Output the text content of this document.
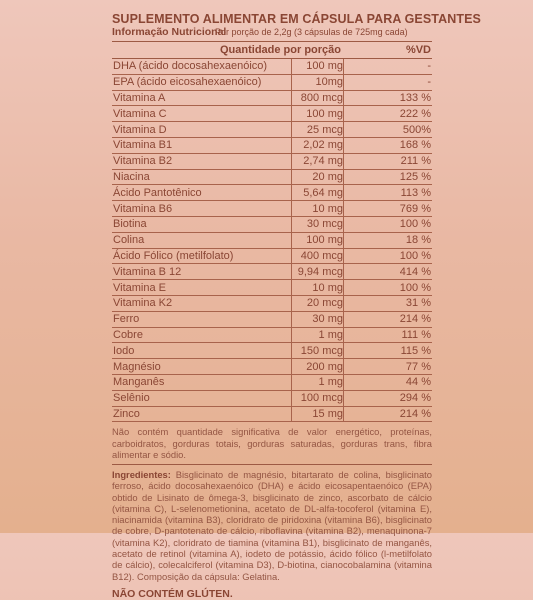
SUPLEMENTO ALIMENTAR EM CÁPSULA PARA GESTANTES
Informação Nutricional
Por porção de 2,2g (3 cápsulas de 725mg cada)
Quantidade por porção	%VD
DHA (ácido docosahexaenóico)	100 mg	-
EPA (ácido eicosahexaenóico)	10mg	-
Vitamina A	800 mcg	133 %
Vitamina C	100 mg	222 %
Vitamina D	25 mcg	500%
Vitamina B1	2,02 mg	168 %
Vitamina B2	2,74 mg	211 %
Niacina	20 mg	125 %
Ácido Pantotênico	5,64 mg	113 %
Vitamina B6	10 mg	769 %
Biotina	30 mcg	100 %
Colina	100 mg	18 %
Ácido Fólico (metilfolato)	400 mcg	100 %
Vitamina B 12	9,94 mcg	414 %
Vitamina E	10 mg	100 %
Vitamina K2	20 mcg	31 %
Ferro	30 mg	214 %
Cobre	1 mg	111 %
Iodo	150 mcg	115 %
Magnésio	200 mg	77 %
Manganês	1 mg	44 %
Selênio	100 mcg	294 %
Zinco	15 mg	214 %
Não contém quantidade significativa de valor energético, proteínas, carboidratos, gorduras totais, gorduras saturadas, gorduras trans, fibra alimentar e sódio.
Ingredientes: Bisglicinato de magnésio, bitartarato de colina, bisglicinato ferroso, ácido docosahexaenóico (DHA) e ácido eicosapentaenóico (EPA) obtido de Lisinato de ômega-3, bisglicinato de zinco, ascorbato de cálcio (vitamina C), L-selenometionina, acetato de DL-alfa-tocoferol (vitamina E), niacinamida (vitamina B3), cloridrato de piridoxina (vitamina B6), bisglicinato de cobre, D-pantotenato de cálcio, riboflavina (vitamina B2), menaquinona-7 (vitamina K2), cloridrato de tiamina (vitamina B1), bisglicinato de manganês, acetato de retinol (vitamina A), iodeto de potássio, ácido fólico (l-metilfolato de cálcio), colecalciferol (vitamina D3), D-biotina, cianocobalamina (vitamina B12). Composição da cápsula: Gelatina.
NÃO CONTÉM GLÚTEN.
